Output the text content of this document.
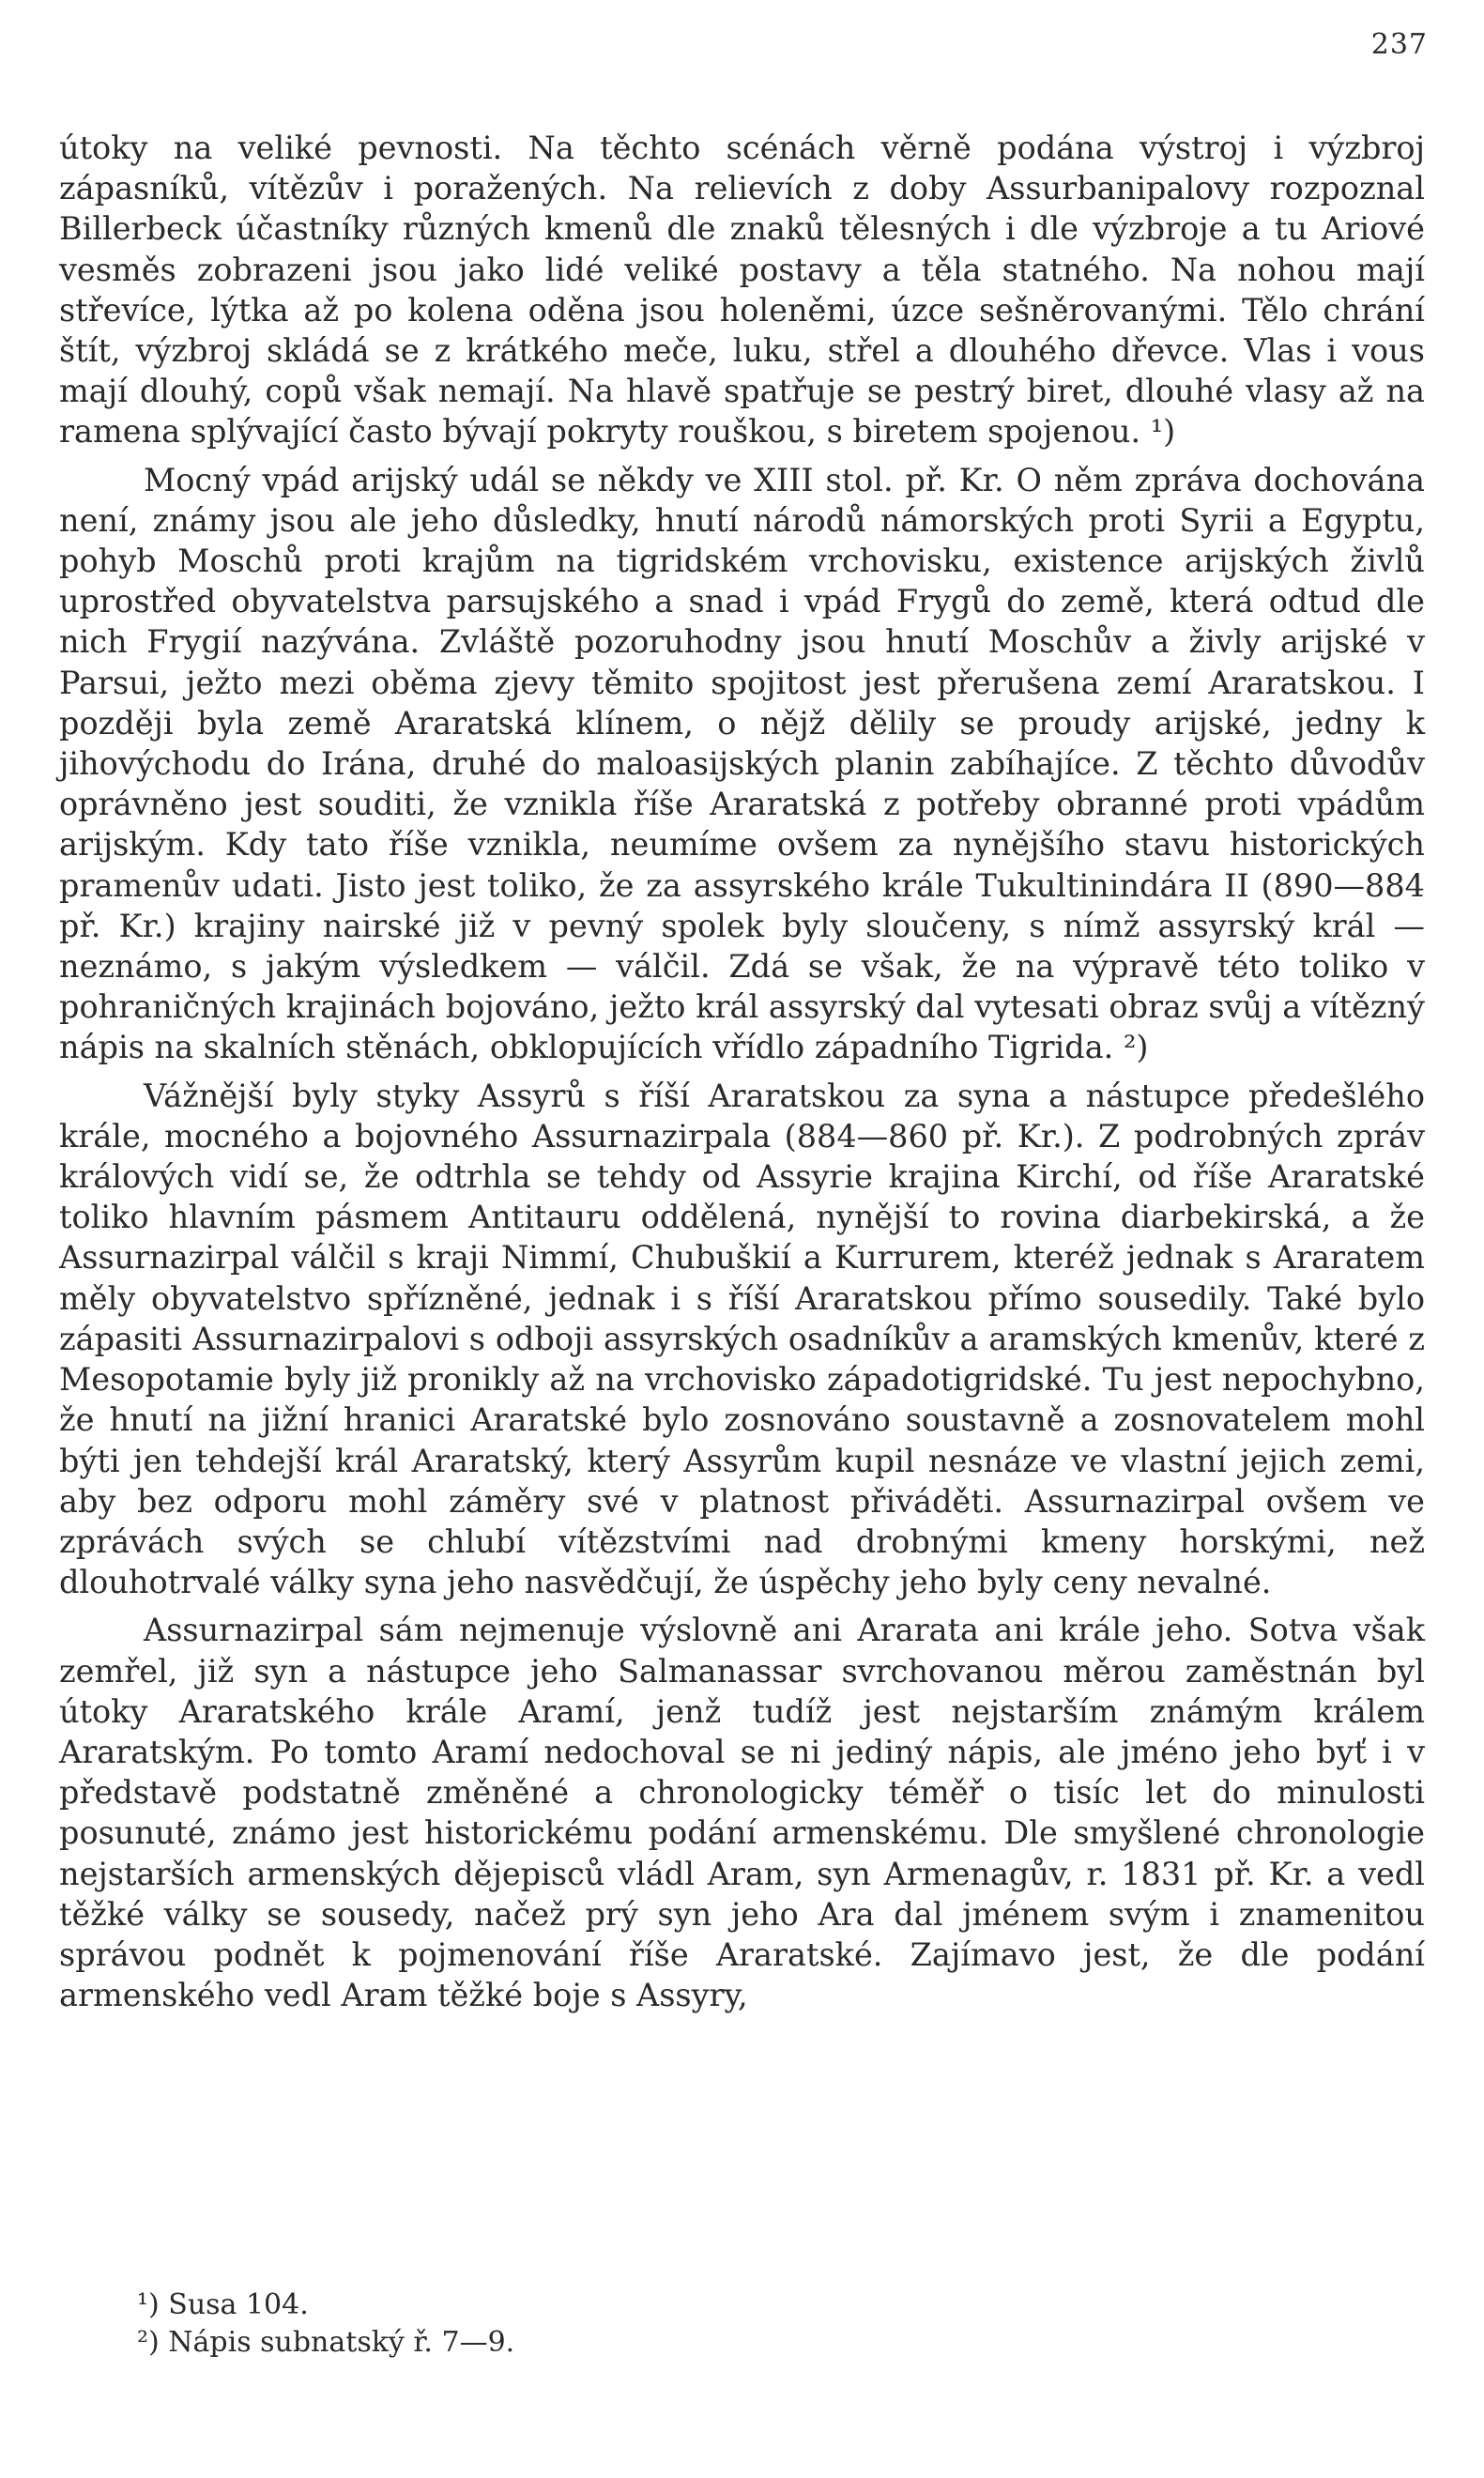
237

útoky na veliké pevnosti. Na těchto scénách věrně podána výstroj i výzbroj zápasníků, vítězův i poražených. Na relievích z doby Assurbanipalovy rozpoznal Billerbeck účastníky různých kmenů dle znaků tělesných i dle výzbroje a tu Ariové vesměs zobrazeni jsou jako lidé veliké postavy a těla statného. Na nohou mají střevíce, lýtka až po kolena oděna jsou holeněmi, úzce sešněrovanými. Tělo chrání štít, výzbroj skládá se z krátkého meče, luku, střel a dlouhého dřevce. Vlas i vous mají dlouhý, copů však nemají. Na hlavě spatřuje se pestrý biret, dlouhé vlasy až na ramena splývající často bývají pokryty rouškou, s biretem spojenou. ¹)

Mocný vpád arijský udál se někdy ve XIII stol. př. Kr. O něm zpráva dochována není, známy jsou ale jeho důsledky, hnutí národů námorských proti Syrii a Egyptu, pohyb Moschů proti krajům na tigridském vrchovisku, existence arijských živlů uprostřed obyvatelstva parsujského a snad i vpád Frygů do země, která odtud dle nich Frygií nazývána. Zvláště pozoruhodny jsou hnutí Moschův a živly arijské v Parsui, ježto mezi oběma zjevy těmito spojitost jest přerušena zemí Araratskou. I později byla země Araratská klínem, o nějž dělily se proudy arijské, jedny k jihovýchodu do Irána, druhé do maloasijských planin zabíhajíce. Z těchto důvodův oprávněno jest souditi, že vznikla říše Araratská z potřeby obranné proti vpádům arijským. Kdy tato říše vznikla, neumíme ovšem za nynějšího stavu historických pramenův udati. Jisto jest toliko, že za assyrského krále Tukultinindára II (890—884 př. Kr.) krajiny nairské již v pevný spolek byly sloučeny, s nímž assyrský král — neznámo, s jakým výsledkem — válčil. Zdá se však, že na výpravě této toliko v pohraničných krajinách bojováno, ježto král assyrský dal vytesati obraz svůj a vítězný nápis na skalních stěnách, obklopujících vřídlo západního Tigrida. ²)

Vážnější byly styky Assyrů s říší Araratskou za syna a nástupce předešlého krále, mocného a bojovného Assurnazirpala (884—860 př. Kr.). Z podrobných zpráv králových vidí se, že odtrhla se tehdy od Assyrie krajina Kirchí, od říše Araratské toliko hlavním pásmem Antitauru oddělená, nynější to rovina diarbekirská, a že Assurnazirpal válčil s kraji Nimmí, Chubuškií a Kurrurem, kteréž jednak s Araratem měly obyvatelstvo spřízněné, jednak i s říší Araratskou přímo sousedily. Také bylo zápasiti Assurnazirpalovi s odboji assyrských osadníkův a aramských kmenův, které z Mesopotamie byly již pronikly až na vrchovisko západotigridské. Tu jest nepochybno, že hnutí na jižní hranici Araratské bylo zosnováno soustavně a zosnovatelem mohl býti jen tehdejší král Araratský, který Assyrům kupil nesnáze ve vlastní jejich zemi, aby bez odporu mohl záměry své v platnost přiváděti. Assurnazirpal ovšem ve zprávách svých se chlubí vítězstvími nad drobnými kmeny horskými, než dlouhotrvalé války syna jeho nasvědčují, že úspěchy jeho byly ceny nevalné.

Assurnazirpal sám nejmenuje výslovně ani Ararata ani krále jeho. Sotva však zemřel, již syn a nástupce jeho Salmanassar svrchovanou měrou zaměstnán byl útoky Araratského krále Aramí, jenž tudíž jest nejstarším známým králem Araratským. Po tomto Aramí nedochoval se ni jediný nápis, ale jméno jeho byť i v představě podstatně změněné a chronologicky téměř o tisíc let do minulosti posunuté, známo jest historickému podání armenskému. Dle smyšlené chronologie nejstarších armenských dějepisců vládl Aram, syn Armenagův, r. 1831 př. Kr. a vedl těžké války se sousedy, načež prý syn jeho Ara dal jménem svým i znamenitou správou podnět k pojmenování říše Araratské. Zajímavo jest, že dle podání armenského vedl Aram těžké boje s Assyry,

¹) Susa 104.

²) Nápis subnatský ř. 7—9.
